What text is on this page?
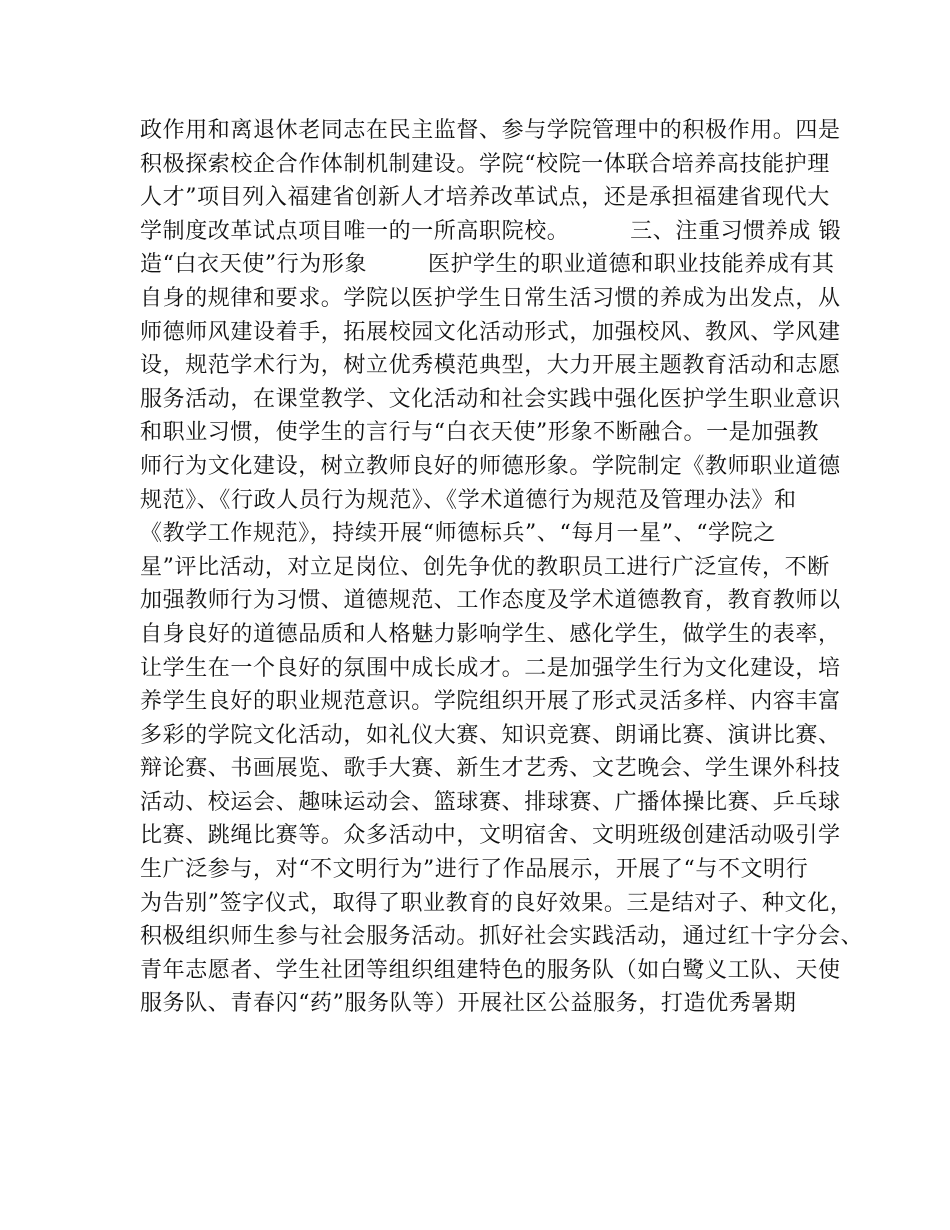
政作用和离退休老同志在民主监督、参与学院管理中的积极作用。四是
积极探索校企合作体制机制建设。学院“校院一体联合培养高技能护理
人才”项目列入福建省创新人才培养改革试点，还是承担福建省现代大
学制度改革试点项目唯一的一所高职院校。        三、注重习惯养成 锻
造“白衣天使”行为形象        医护学生的职业道德和职业技能养成有其
自身的规律和要求。学院以医护学生日常生活习惯的养成为出发点，从
师德师风建设着手，拓展校园文化活动形式，加强校风、教风、学风建
设，规范学术行为，树立优秀模范典型，大力开展主题教育活动和志愿
服务活动，在课堂教学、文化活动和社会实践中强化医护学生职业意识
和职业习惯，使学生的言行与“白衣天使”形象不断融合。一是加强教
师行为文化建设，树立教师良好的师德形象。学院制定《教师职业道德
规范》、《行政人员行为规范》、《学术道德行为规范及管理办法》和
《教学工作规范》，持续开展“师德标兵”、“每月一星”、“学院之
星”评比活动，对立足岗位、创先争优的教职员工进行广泛宣传，不断
加强教师行为习惯、道德规范、工作态度及学术道德教育，教育教师以
自身良好的道德品质和人格魅力影响学生、感化学生，做学生的表率，
让学生在一个良好的氛围中成长成才。二是加强学生行为文化建设，培
养学生良好的职业规范意识。学院组织开展了形式灵活多样、内容丰富
多彩的学院文化活动，如礼仪大赛、知识竞赛、朗诵比赛、演讲比赛、
辩论赛、书画展览、歌手大赛、新生才艺秀、文艺晚会、学生课外科技
活动、校运会、趣味运动会、篮球赛、排球赛、广播体操比赛、乒乓球
比赛、跳绳比赛等。众多活动中，文明宿舍、文明班级创建活动吸引学
生广泛参与，对“不文明行为”进行了作品展示，开展了“与不文明行
为告别”签字仪式，取得了职业教育的良好效果。三是结对子、种文化，
积极组织师生参与社会服务活动。抓好社会实践活动，通过红十字分会、
青年志愿者、学生社团等组织组建特色的服务队（如白鹭义工队、天使
服务队、青春闪“药”服务队等）开展社区公益服务，打造优秀暑期
